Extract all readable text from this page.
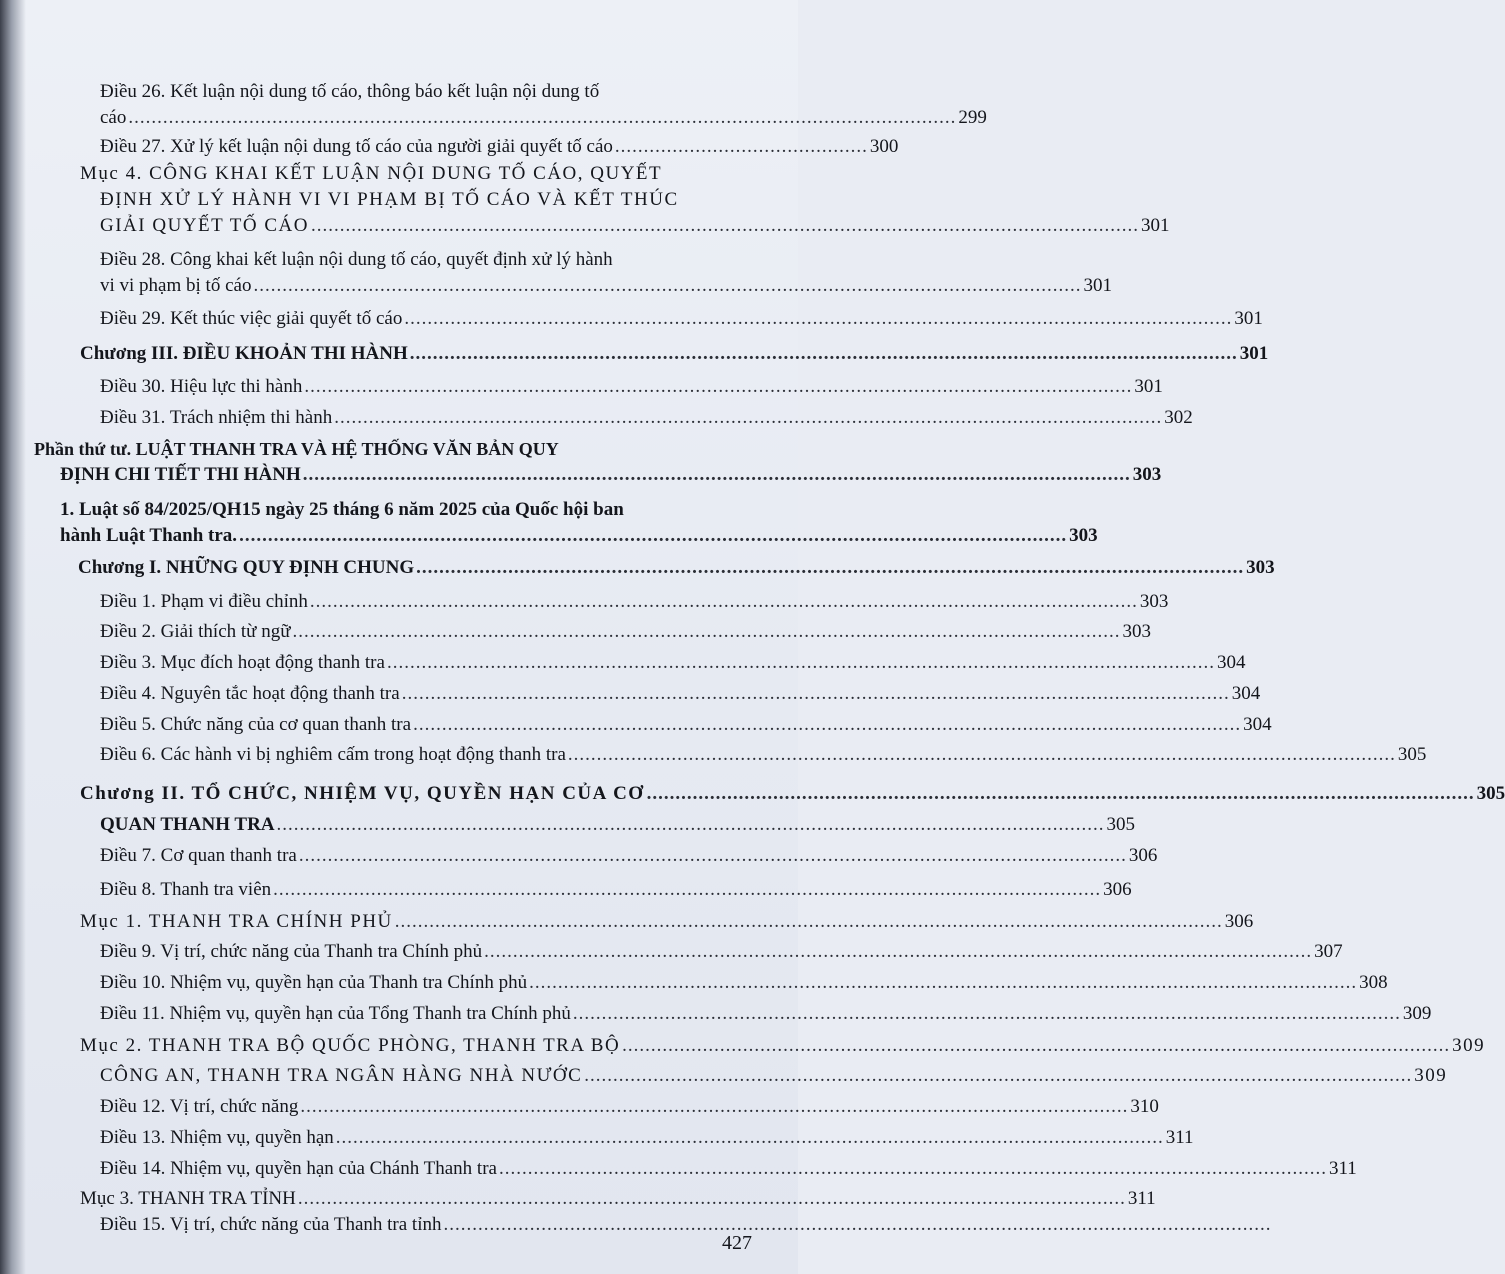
Điều 26. Kết luận nội dung tố cáo, thông báo kết luận nội dung tố
cáo ................................................................................................................................................ 299
Điều 27. Xử lý kết luận nội dung tố cáo của người giải quyết tố cáo ............................................ 300
Mục 4. CÔNG KHAI KẾT LUẬN NỘI DUNG TỐ CÁO, QUYẾT
ĐỊNH XỬ LÝ HÀNH VI VI PHẠM BỊ TỐ CÁO VÀ KẾT THÚC
GIẢI QUYẾT TỐ CÁO ................................................................................................................................................ 301
Điều 28. Công khai kết luận nội dung tố cáo, quyết định xử lý hành
vi vi phạm bị tố cáo ................................................................................................................................................ 301
Điều 29. Kết thúc việc giải quyết tố cáo ................................................................................................................................................ 301
Chương III. ĐIỀU KHOẢN THI HÀNH ................................................................................................................................................ 301
Điều 30. Hiệu lực thi hành ................................................................................................................................................ 301
Điều 31. Trách nhiệm thi hành ................................................................................................................................................ 302
Phần thứ tư. LUẬT THANH TRA VÀ HỆ THỐNG VĂN BẢN QUY
ĐỊNH CHI TIẾT THI HÀNH ................................................................................................................................................ 303
1. Luật số 84/2025/QH15 ngày 25 tháng 6 năm 2025 của Quốc hội ban
hành Luật Thanh tra. ................................................................................................................................................ 303
Chương I. NHỮNG QUY ĐỊNH CHUNG ................................................................................................................................................ 303
Điều 1. Phạm vi điều chỉnh ................................................................................................................................................ 303
Điều 2. Giải thích từ ngữ ................................................................................................................................................ 303
Điều 3. Mục đích hoạt động thanh tra ................................................................................................................................................ 304
Điều 4. Nguyên tắc hoạt động thanh tra ................................................................................................................................................ 304
Điều 5. Chức năng của cơ quan thanh tra ................................................................................................................................................ 304
Điều 6. Các hành vi bị nghiêm cấm trong hoạt động thanh tra ................................................................................................................................................ 305
Chương II. TỔ CHỨC, NHIỆM VỤ, QUYỀN HẠN CỦA CƠ ................................................................................................................................................ 305
QUAN THANH TRA ................................................................................................................................................ 305
Điều 7. Cơ quan thanh tra ................................................................................................................................................ 306
Điều 8. Thanh tra viên ................................................................................................................................................ 306
Mục 1. THANH TRA CHÍNH PHỦ ................................................................................................................................................ 306
Điều 9. Vị trí, chức năng của Thanh tra Chính phủ ................................................................................................................................................ 307
Điều 10. Nhiệm vụ, quyền hạn của Thanh tra Chính phủ ................................................................................................................................................ 308
Điều 11. Nhiệm vụ, quyền hạn của Tổng Thanh tra Chính phủ ................................................................................................................................................ 309
Mục 2. THANH TRA BỘ QUỐC PHÒNG, THANH TRA BỘ ................................................................................................................................................ 309
CÔNG AN, THANH TRA NGÂN HÀNG NHÀ NƯỚC ................................................................................................................................................ 309
Điều 12. Vị trí, chức năng ................................................................................................................................................ 310
Điều 13. Nhiệm vụ, quyền hạn ................................................................................................................................................ 311
Điều 14. Nhiệm vụ, quyền hạn của Chánh Thanh tra ................................................................................................................................................ 311
Mục 3. THANH TRA TỈNH ................................................................................................................................................ 311
Điều 15. Vị trí, chức năng của Thanh tra tỉnh ................................................................................................................................................
427
